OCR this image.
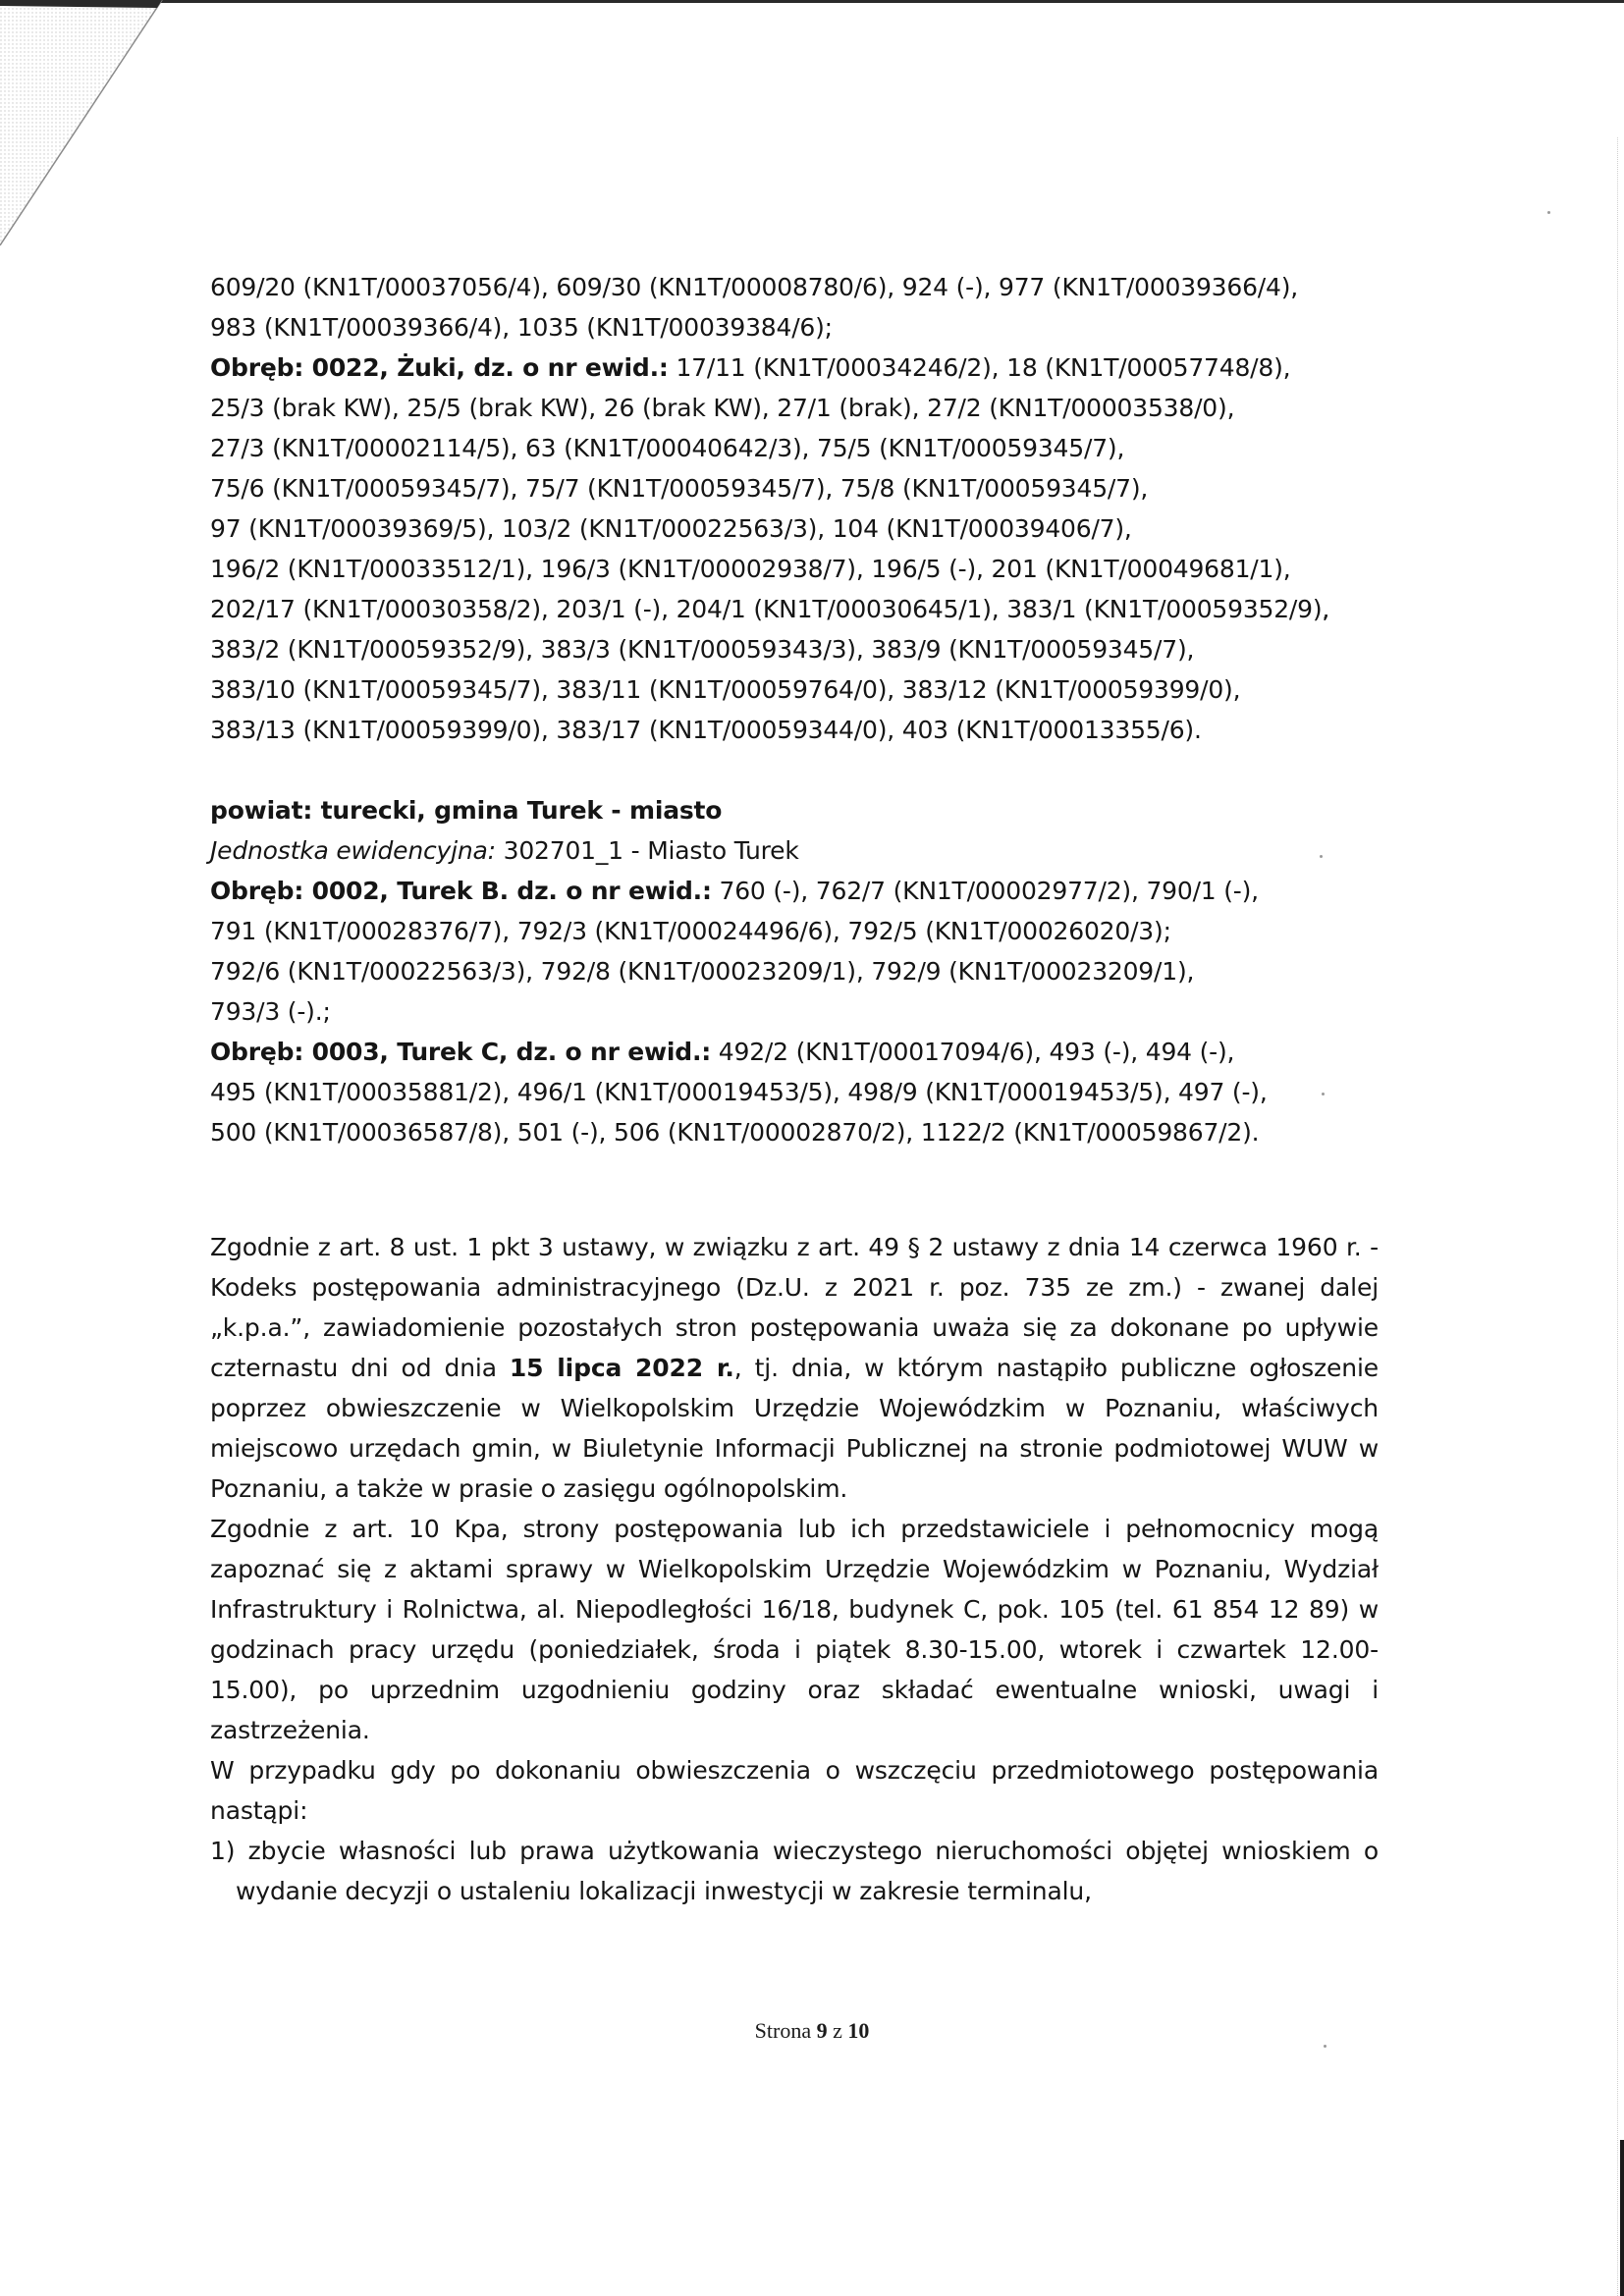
609/20 (KN1T/00037056/4), 609/30 (KN1T/00008780/6), 924 (-), 977 (KN1T/00039366/4),

983 (KN1T/00039366/4), 1035 (KN1T/00039384/6);

Obręb: 0022, Żuki, dz. o nr ewid.: 17/11 (KN1T/00034246/2), 18 (KN1T/00057748/8),

25/3 (brak KW), 25/5 (brak KW), 26 (brak KW), 27/1 (brak), 27/2 (KN1T/00003538/0),

27/3 (KN1T/00002114/5), 63 (KN1T/00040642/3), 75/5 (KN1T/00059345/7),

75/6 (KN1T/00059345/7), 75/7 (KN1T/00059345/7), 75/8 (KN1T/00059345/7),

97 (KN1T/00039369/5), 103/2 (KN1T/00022563/3), 104 (KN1T/00039406/7),

196/2 (KN1T/00033512/1), 196/3 (KN1T/00002938/7), 196/5 (-), 201 (KN1T/00049681/1),

202/17 (KN1T/00030358/2), 203/1 (-), 204/1 (KN1T/00030645/1), 383/1 (KN1T/00059352/9),

383/2 (KN1T/00059352/9), 383/3 (KN1T/00059343/3), 383/9 (KN1T/00059345/7),

383/10 (KN1T/00059345/7), 383/11 (KN1T/00059764/0), 383/12 (KN1T/00059399/0),

383/13 (KN1T/00059399/0), 383/17 (KN1T/00059344/0), 403 (KN1T/00013355/6).

powiat: turecki, gmina Turek - miasto

Jednostka ewidencyjna: 302701_1 - Miasto Turek

Obręb: 0002, Turek B. dz. o nr ewid.: 760 (-), 762/7 (KN1T/00002977/2), 790/1 (-),

791 (KN1T/00028376/7), 792/3 (KN1T/00024496/6), 792/5 (KN1T/00026020/3);

792/6 (KN1T/00022563/3), 792/8 (KN1T/00023209/1), 792/9 (KN1T/00023209/1),

793/3 (-).;

Obręb: 0003, Turek C, dz. o nr ewid.: 492/2 (KN1T/00017094/6), 493 (-), 494 (-),

495 (KN1T/00035881/2), 496/1 (KN1T/00019453/5), 498/9 (KN1T/00019453/5), 497 (-),

500 (KN1T/00036587/8), 501 (-), 506 (KN1T/00002870/2), 1122/2 (KN1T/00059867/2).

Zgodnie z art. 8 ust. 1 pkt 3 ustawy, w związku z art. 49 § 2 ustawy z dnia 14 czerwca 1960 r. - Kodeks postępowania administracyjnego (Dz.U. z 2021 r. poz. 735 ze zm.) - zwanej dalej „k.p.a.”, zawiadomienie pozostałych stron postępowania uważa się za dokonane po upływie czternastu dni od dnia 15 lipca 2022 r., tj. dnia, w którym nastąpiło publiczne ogłoszenie poprzez obwieszczenie w Wielkopolskim Urzędzie Wojewódzkim w Poznaniu, właściwych miejscowo urzędach gmin, w Biuletynie Informacji Publicznej na stronie podmiotowej WUW w Poznaniu, a także w prasie o zasięgu ogólnopolskim.

Zgodnie z art. 10 Kpa, strony postępowania lub ich przedstawiciele i pełnomocnicy mogą zapoznać się z aktami sprawy w Wielkopolskim Urzędzie Wojewódzkim w Poznaniu, Wydział Infrastruktury i Rolnictwa, al. Niepodległości 16/18, budynek C, pok. 105 (tel. 61 854 12 89) w godzinach pracy urzędu (poniedziałek, środa i piątek 8.30-15.00, wtorek i czwartek 12.00-15.00), po uprzednim uzgodnieniu godziny oraz składać ewentualne wnioski, uwagi i zastrzeżenia.

W przypadku gdy po dokonaniu obwieszczenia o wszczęciu przedmiotowego postępowania nastąpi:

1) zbycie własności lub prawa użytkowania wieczystego nieruchomości objętej wnioskiem o wydanie decyzji o ustaleniu lokalizacji inwestycji w zakresie terminalu,

Strona 9 z 10
